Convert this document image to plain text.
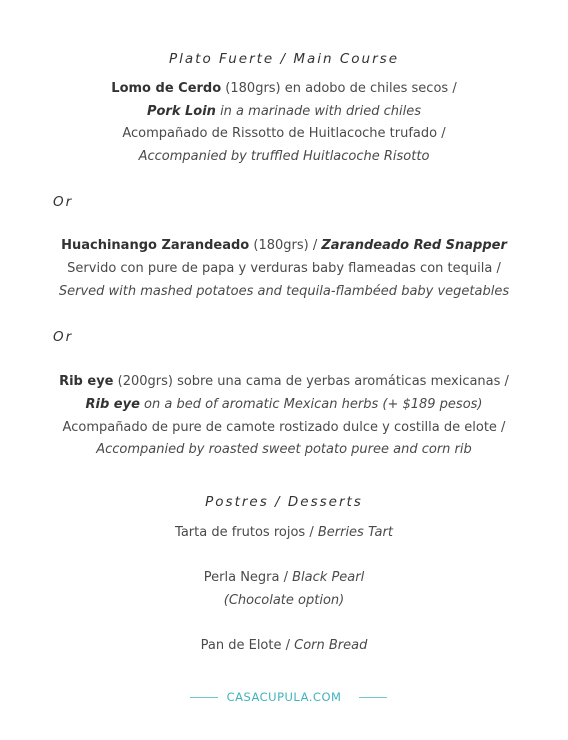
Plato Fuerte / Main Course
Lomo de Cerdo (180grs) en adobo de chiles secos /
Pork Loin in a marinade with dried chiles
Acompañado de Rissotto de Huitlacoche trufado /
Accompanied by truffled Huitlacoche Risotto
Or
Huachinango Zarandeado (180grs) / Zarandeado Red Snapper
Servido con pure de papa y verduras baby flameadas con tequila /
Served with mashed potatoes and tequila-flambéed baby vegetables
Or
Rib eye (200grs) sobre una cama de yerbas aromáticas mexicanas /
Rib eye on a bed of aromatic Mexican herbs (+ $189 pesos)
Acompañado de pure de camote rostizado dulce y costilla de elote /
Accompanied by roasted sweet potato puree and corn rib
Postres / Desserts
Tarta de frutos rojos / Berries Tart
Perla Negra / Black Pearl
(Chocolate option)
Pan de Elote / Corn Bread
CASACUPULA.COM
